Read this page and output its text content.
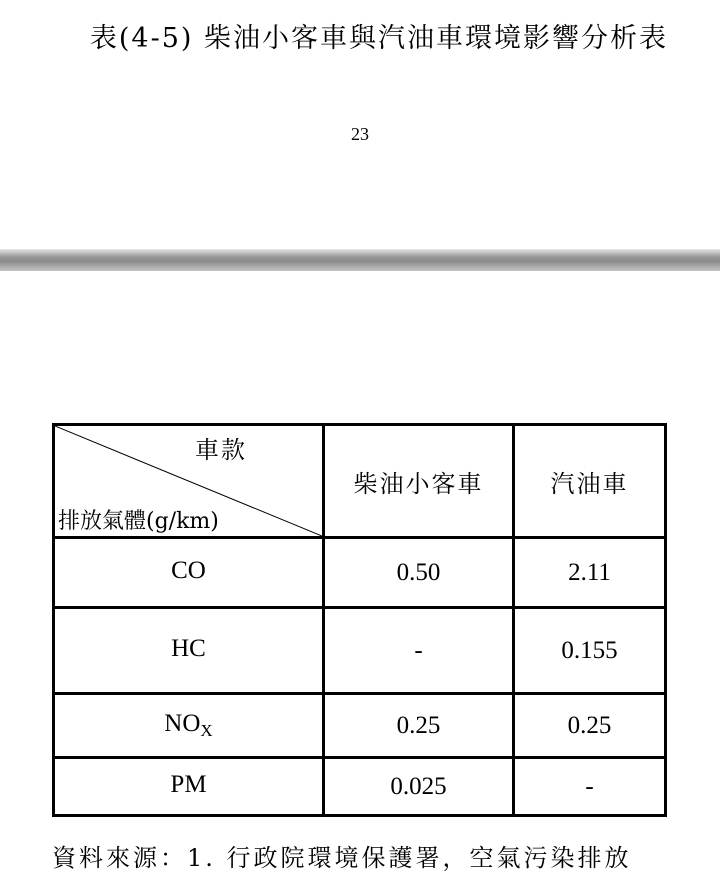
表(4-5) 柴油小客車與汽油車環境影響分析表
23
車款
排放氣體(g/km)	柴油小客車	汽油車
CO	0.50	2.11
HC	-	0.155
$NO_X$	0.25	0.25
PM	0.025	-
資料來源：1. 行政院環境保護署，空氣污染排放
